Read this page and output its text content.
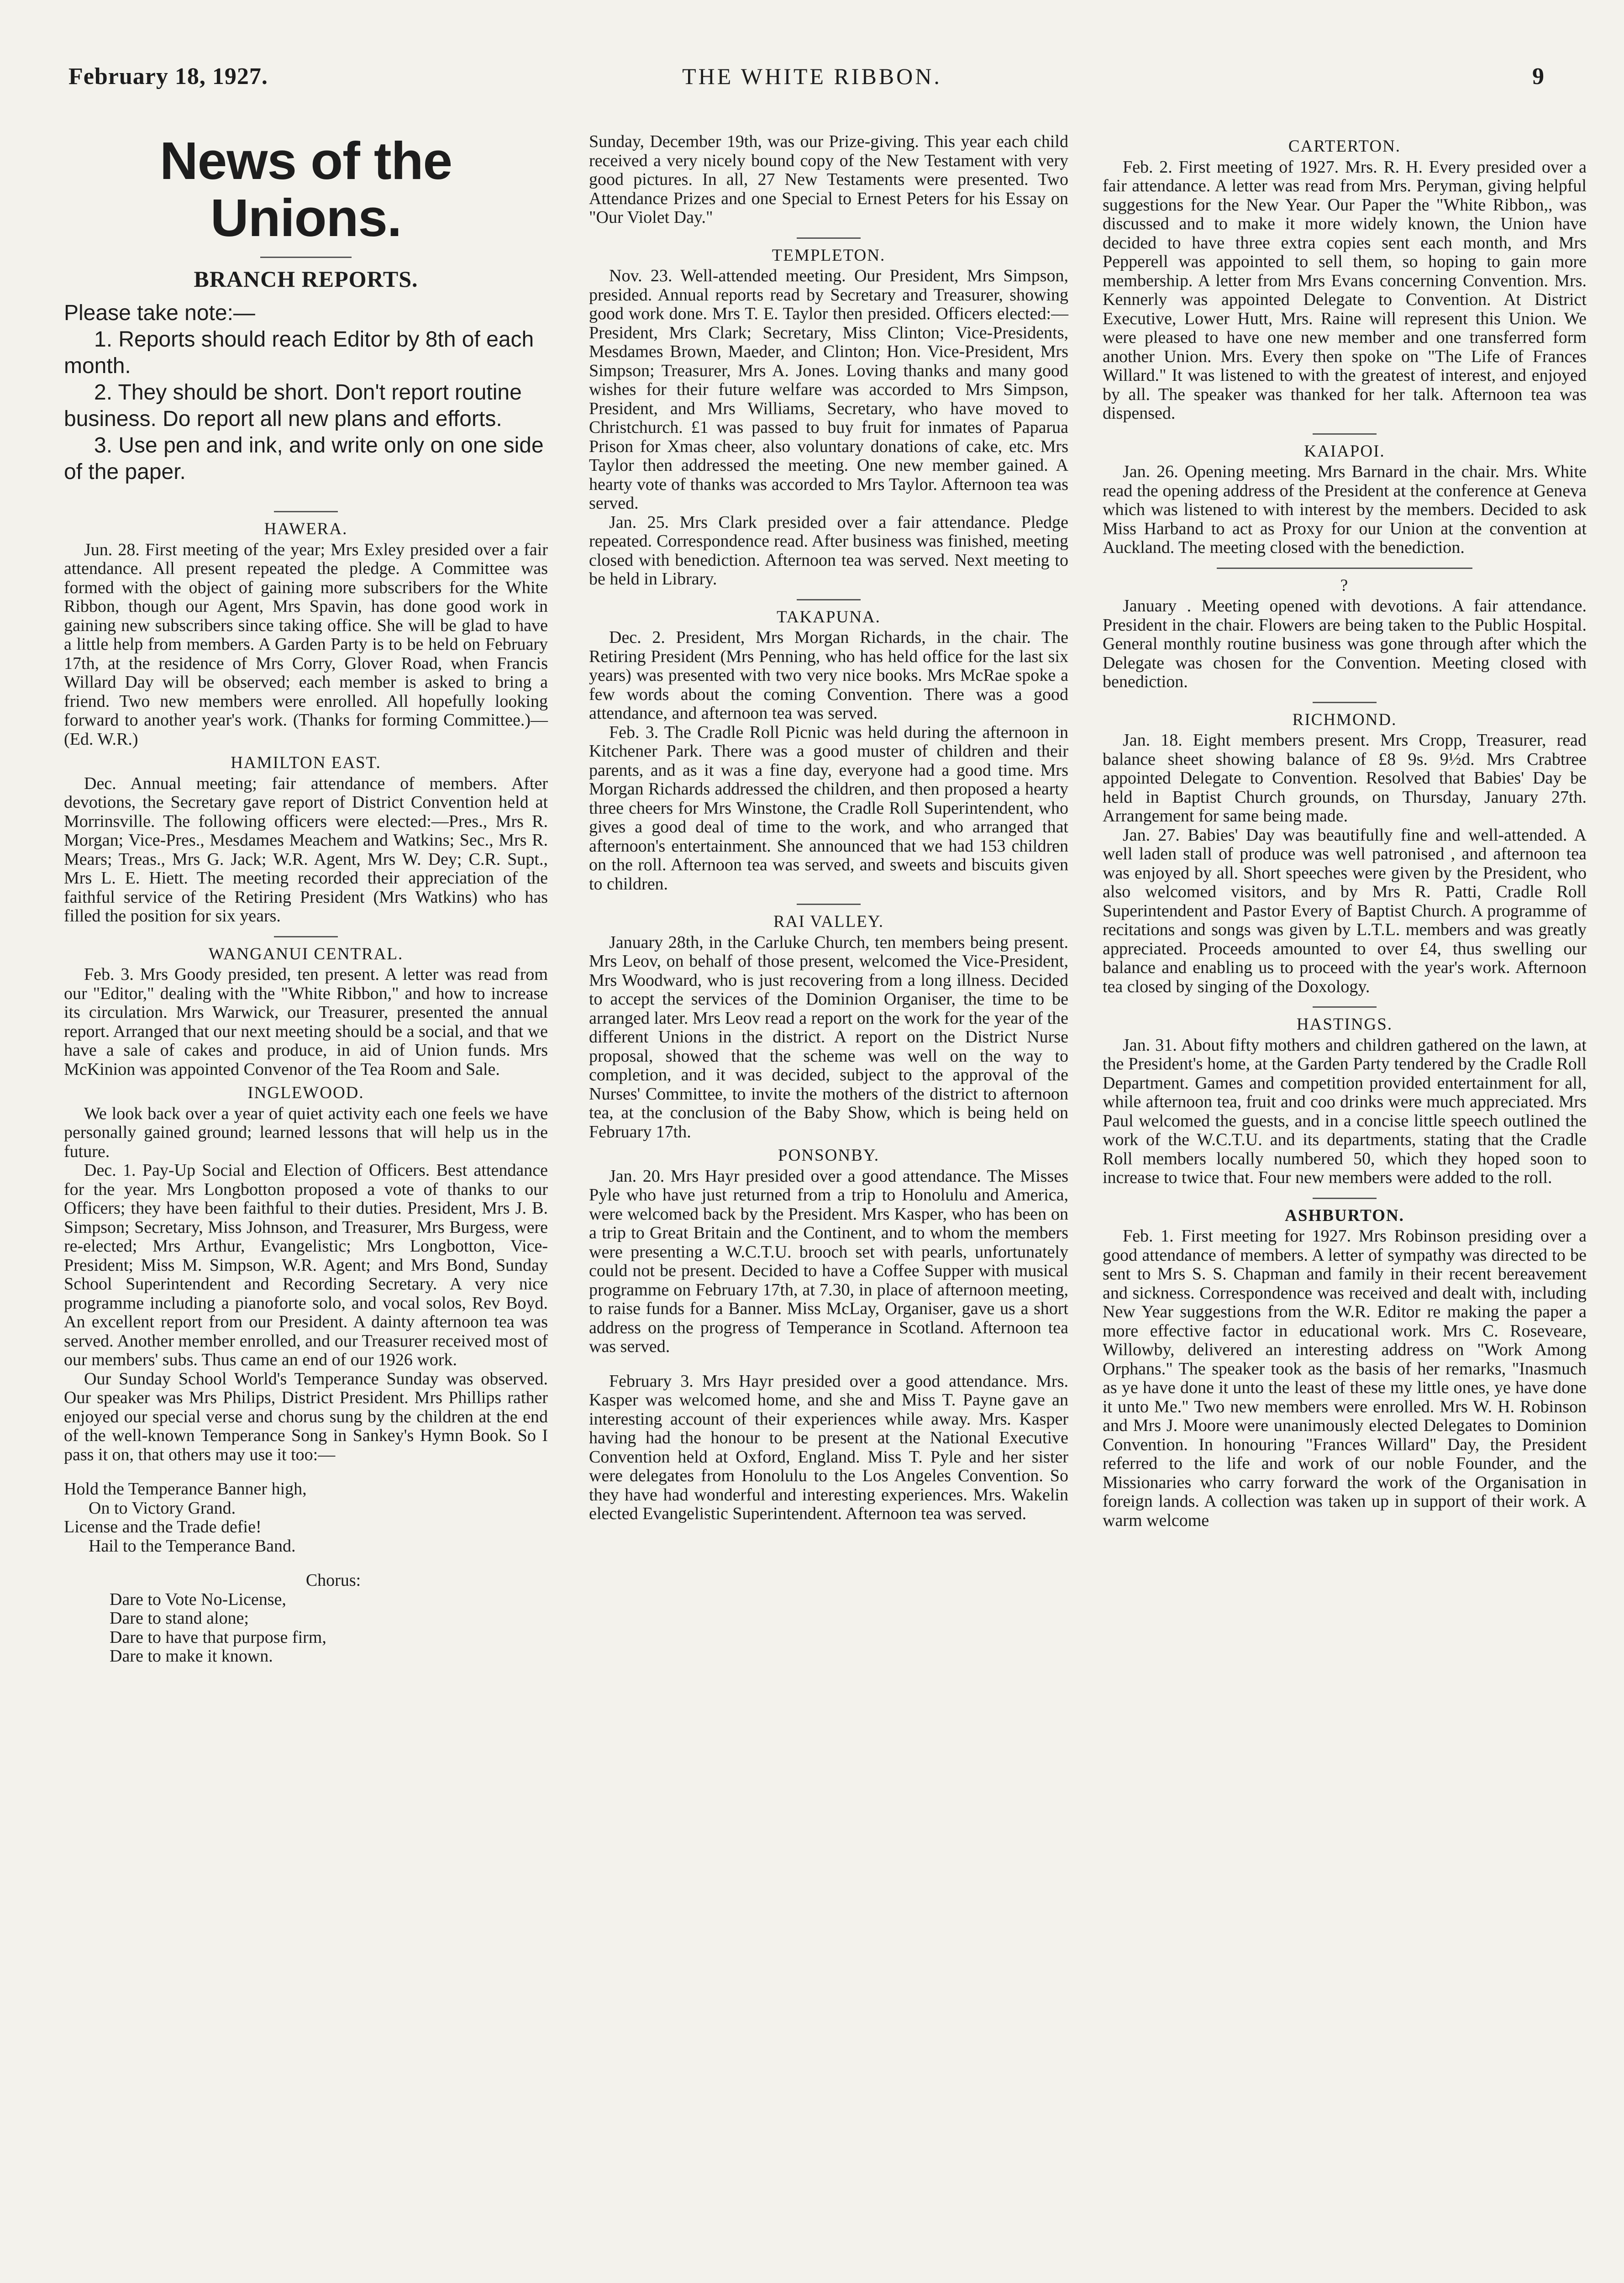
February 18, 1927.	THE WHITE RIBBON.	9
News of the Unions.
BRANCH REPORTS.

Please take note:—

1. Reports should reach Editor by 8th of each month.

2. They should be short. Don't report routine business. Do report all new plans and efforts.

3. Use pen and ink, and write only on one side of the paper.

HAWERA.

Jun. 28. First meeting of the year; Mrs Exley presided over a fair attendance. All present repeated the pledge. A Committee was formed with the object of gaining more subscribers for the White Ribbon, though our Agent, Mrs Spavin, has done good work in gaining new subscribers since taking office. She will be glad to have a little help from members. A Garden Party is to be held on February 17th, at the residence of Mrs Corry, Glover Road, when Francis Willard Day will be observed; each member is asked to bring a friend. Two new members were enrolled. All hopefully looking forward to another year's work. (Thanks for forming Committee.)—(Ed. W.R.)

HAMILTON EAST.

Dec. Annual meeting; fair attendance of members. After devotions, the Secretary gave report of District Convention held at Morrinsville. The following officers were elected:—Pres., Mrs R. Morgan; Vice-Pres., Mesdames Meachem and Watkins; Sec., Mrs R. Mears; Treas., Mrs G. Jack; W.R. Agent, Mrs W. Dey; C.R. Supt., Mrs L. E. Hiett. The meeting recorded their appreciation of the faithful service of the Retiring President (Mrs Watkins) who has filled the position for six years.

WANGANUI CENTRAL.

Feb. 3. Mrs Goody presided, ten present. A letter was read from our "Editor," dealing with the "White Ribbon," and how to increase its circulation. Mrs Warwick, our Treasurer, presented the annual report. Arranged that our next meeting should be a social, and that we have a sale of cakes and produce, in aid of Union funds. Mrs McKinion was appointed Convenor of the Tea Room and Sale.

INGLEWOOD.

We look back over a year of quiet activity each one feels we have personally gained ground; learned lessons that will help us in the future.

Dec. 1. Pay-Up Social and Election of Officers. Best attendance for the year. Mrs Longbotton proposed a vote of thanks to our Officers; they have been faithful to their duties. President, Mrs J. B. Simpson; Secretary, Miss Johnson, and Treasurer, Mrs Burgess, were re-elected; Mrs Arthur, Evangelistic; Mrs Longbotton, Vice-President; Miss M. Simpson, W.R. Agent; and Mrs Bond, Sunday School Superintendent and Recording Secretary. A very nice programme including a pianoforte solo, and vocal solos, Rev Boyd. An excellent report from our President. A dainty afternoon tea was served. Another member enrolled, and our Treasurer received most of our members' subs. Thus came an end of our 1926 work.

Our Sunday School World's Temperance Sunday was observed. Our speaker was Mrs Philips, District President. Mrs Phillips rather enjoyed our special verse and chorus sung by the children at the end of the well-known Temperance Song in Sankey's Hymn Book. So I pass it on, that others may use it too:—

Hold the Temperance Banner high,
On to Victory Grand.
License and the Trade defie!
Hail to the Temperance Band.
Chorus:
Dare to Vote No-License,
Dare to stand alone;
Dare to have that purpose firm,
Dare to make it known.

Sunday, December 19th, was our Prize-giving. This year each child received a very nicely bound copy of the New Testament with very good pictures. In all, 27 New Testaments were presented. Two Attendance Prizes and one Special to Ernest Peters for his Essay on "Our Violet Day."

TEMPLETON.

Nov. 23. Well-attended meeting. Our President, Mrs Simpson, presided. Annual reports read by Secretary and Treasurer, showing good work done. Mrs T. E. Taylor then presided. Officers elected:—President, Mrs Clark; Secretary, Miss Clinton; Vice-Presidents, Mesdames Brown, Maeder, and Clinton; Hon. Vice-President, Mrs Simpson; Treasurer, Mrs A. Jones. Loving thanks and many good wishes for their future welfare was accorded to Mrs Simpson, President, and Mrs Williams, Secretary, who have moved to Christchurch. £1 was passed to buy fruit for inmates of Paparua Prison for Xmas cheer, also voluntary donations of cake, etc. Mrs Taylor then addressed the meeting. One new member gained. A hearty vote of thanks was accorded to Mrs Taylor. Afternoon tea was served.

Jan. 25. Mrs Clark presided over a fair attendance. Pledge repeated. Correspondence read. After business was finished, meeting closed with benediction. Afternoon tea was served. Next meeting to be held in Library.

TAKAPUNA.

Dec. 2. President, Mrs Morgan Richards, in the chair. The Retiring President (Mrs Penning, who has held office for the last six years) was presented with two very nice books. Mrs McRae spoke a few words about the coming Convention. There was a good attendance, and afternoon tea was served.

Feb. 3. The Cradle Roll Picnic was held during the afternoon in Kitchener Park. There was a good muster of children and their parents, and as it was a fine day, everyone had a good time. Mrs Morgan Richards addressed the children, and then proposed a hearty three cheers for Mrs Winstone, the Cradle Roll Superintendent, who gives a good deal of time to the work, and who arranged that afternoon's entertainment. She announced that we had 153 children on the roll. Afternoon tea was served, and sweets and biscuits given to children.

RAI VALLEY.

January 28th, in the Carluke Church, ten members being present. Mrs Leov, on behalf of those present, welcomed the Vice-President, Mrs Woodward, who is just recovering from a long illness. Decided to accept the services of the Dominion Organiser, the time to be arranged later. Mrs Leov read a report on the work for the year of the different Unions in the district. A report on the District Nurse proposal, showed that the scheme was well on the way to completion, and it was decided, subject to the approval of the Nurses' Committee, to invite the mothers of the district to afternoon tea, at the conclusion of the Baby Show, which is being held on February 17th.

PONSONBY.

Jan. 20. Mrs Hayr presided over a good attendance. The Misses Pyle who have just returned from a trip to Honolulu and America, were welcomed back by the President. Mrs Kasper, who has been on a trip to Great Britain and the Continent, and to whom the members were presenting a W.C.T.U. brooch set with pearls, unfortunately could not be present. Decided to have a Coffee Supper with musical programme on February 17th, at 7.30, in place of afternoon meeting, to raise funds for a Banner. Miss McLay, Organiser, gave us a short address on the progress of Temperance in Scotland. Afternoon tea was served.

February 3. Mrs Hayr presided over a good attendance. Mrs. Kasper was welcomed home, and she and Miss T. Payne gave an interesting account of their experiences while away. Mrs. Kasper having had the honour to be present at the National Executive Convention held at Oxford, England. Miss T. Pyle and her sister were delegates from Honolulu to the Los Angeles Convention. So they have had wonderful and interesting experiences. Mrs. Wakelin elected Evangelistic Superintendent. Afternoon tea was served.

CARTERTON.

Feb. 2. First meeting of 1927. Mrs. R. H. Every presided over a fair attendance. A letter was read from Mrs. Peryman, giving helpful suggestions for the New Year. Our Paper the "White Ribbon,, was discussed and to make it more widely known, the Union have decided to have three extra copies sent each month, and Mrs Pepperell was appointed to sell them, so hoping to gain more membership. A letter from Mrs Evans concerning Convention. Mrs. Kennerly was appointed Delegate to Convention. At District Executive, Lower Hutt, Mrs. Raine will represent this Union. We were pleased to have one new member and one transferred form another Union. Mrs. Every then spoke on "The Life of Frances Willard." It was listened to with the greatest of interest, and enjoyed by all. The speaker was thanked for her talk. Afternoon tea was dispensed.

KAIAPOI.

Jan. 26. Opening meeting. Mrs Barnard in the chair. Mrs. White read the opening address of the President at the conference at Geneva which was listened to with interest by the members. Decided to ask Miss Harband to act as Proxy for our Union at the convention at Auckland. The meeting closed with the benediction.

?

January . Meeting opened with devotions. A fair attendance. President in the chair. Flowers are being taken to the Public Hospital. General monthly routine business was gone through after which the Delegate was chosen for the Convention. Meeting closed with benediction.

RICHMOND.

Jan. 18. Eight members present. Mrs Cropp, Treasurer, read balance sheet showing balance of £8 9s. 9½d. Mrs Crabtree appointed Delegate to Convention. Resolved that Babies' Day be held in Baptist Church grounds, on Thursday, January 27th. Arrangement for same being made.

Jan. 27. Babies' Day was beautifully fine and well-attended. A well laden stall of produce was well patronised , and afternoon tea was enjoyed by all. Short speeches were given by the President, who also welcomed visitors, and by Mrs R. Patti, Cradle Roll Superintendent and Pastor Every of Baptist Church. A programme of recitations and songs was given by L.T.L. members and was greatly appreciated. Proceeds amounted to over £4, thus swelling our balance and enabling us to proceed with the year's work. Afternoon tea closed by singing of the Doxology.

HASTINGS.

Jan. 31. About fifty mothers and children gathered on the lawn, at the President's home, at the Garden Party tendered by the Cradle Roll Department. Games and competition provided entertainment for all, while afternoon tea, fruit and coo drinks were much appreciated. Mrs Paul welcomed the guests, and in a concise little speech outlined the work of the W.C.T.U. and its departments, stating that the Cradle Roll members locally numbered 50, which they hoped soon to increase to twice that. Four new members were added to the roll.

ASHBURTON.

Feb. 1. First meeting for 1927. Mrs Robinson presiding over a good attendance of members. A letter of sympathy was directed to be sent to Mrs S. S. Chapman and family in their recent bereavement and sickness. Correspondence was received and dealt with, including New Year suggestions from the W.R. Editor re making the paper a more effective factor in educational work. Mrs C. Roseveare, Willowby, delivered an interesting address on "Work Among Orphans." The speaker took as the basis of her remarks, "Inasmuch as ye have done it unto the least of these my little ones, ye have done it unto Me." Two new members were enrolled. Mrs W. H. Robinson and Mrs J. Moore were unanimously elected Delegates to Dominion Convention. In honouring "Frances Willard" Day, the President referred to the life and work of our noble Founder, and the Missionaries who carry forward the work of the Organisation in foreign lands. A collection was taken up in support of their work. A warm welcome
